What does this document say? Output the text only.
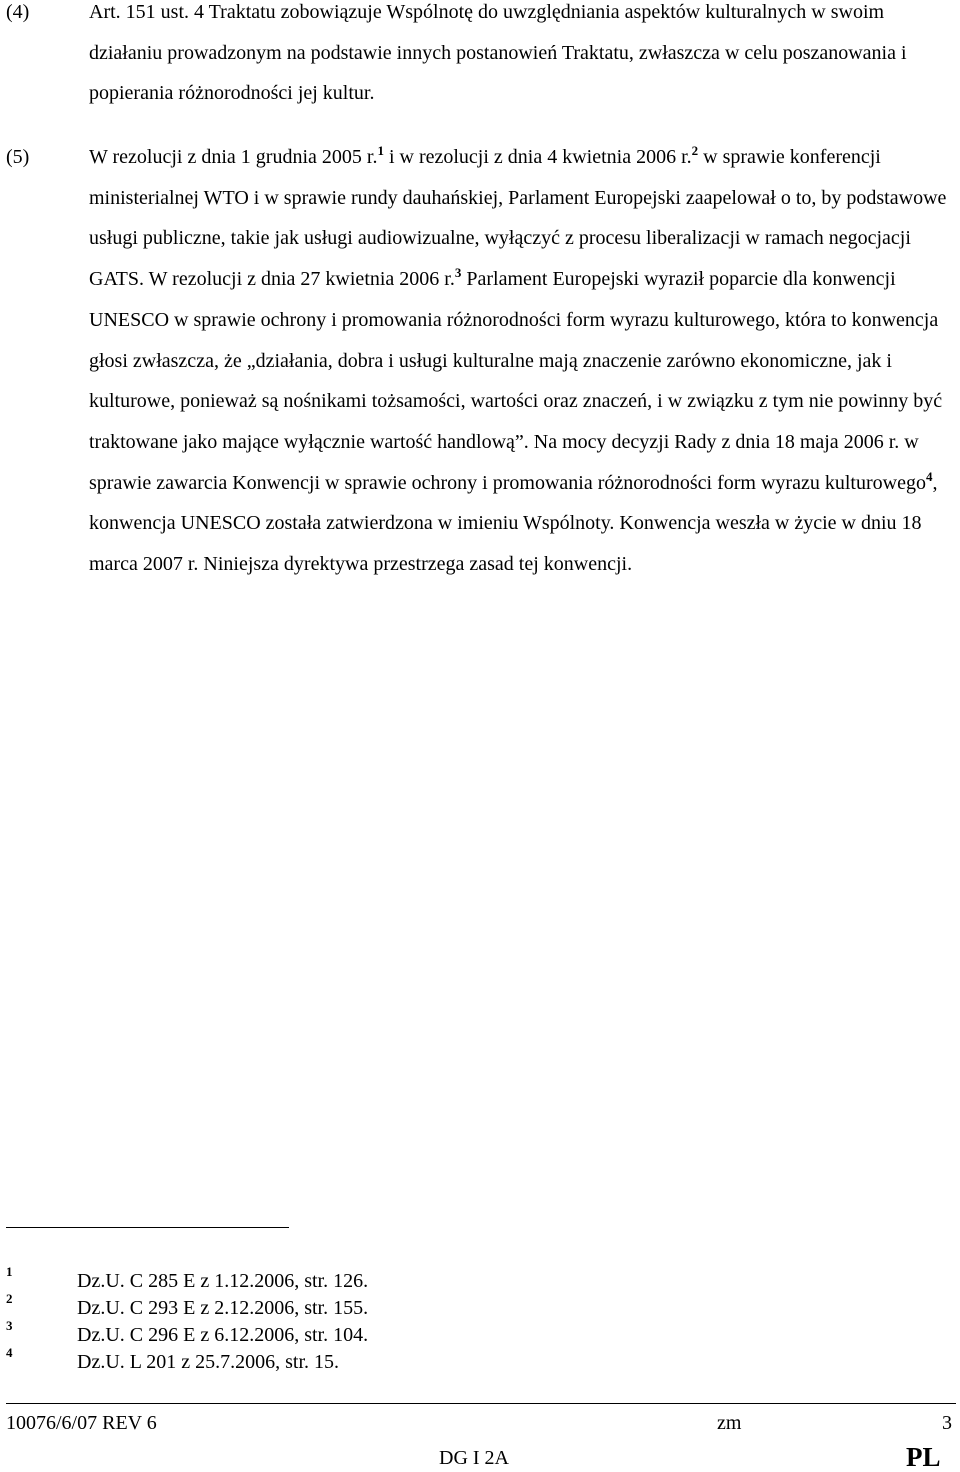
(4)	Art. 151 ust. 4 Traktatu zobowiązuje Wspólnotę do uwzględniania aspektów kulturalnych w swoim działaniu prowadzonym na podstawie innych postanowień Traktatu, zwłaszcza w celu poszanowania i popierania różnorodności jej kultur.
(5)	W rezolucji z dnia 1 grudnia 2005 r.$^1$ i w rezolucji z dnia 4 kwietnia 2006 r.$^2$ w sprawie konferencji ministerialnej WTO i w sprawie rundy dauhańskiej, Parlament Europejski zaapelował o to, by podstawowe usługi publiczne, takie jak usługi audiowizualne, wyłączyć z procesu liberalizacji w ramach negocjacji GATS. W rezolucji z dnia 27 kwietnia 2006 r.$^3$ Parlament Europejski wyraził poparcie dla konwencji UNESCO w sprawie ochrony i promowania różnorodności form wyrazu kulturowego, która to konwencja głosi zwłaszcza, że „działania, dobra i usługi kulturalne mają znaczenie zarówno ekonomiczne, jak i kulturowe, ponieważ są nośnikami tożsamości, wartości oraz znaczeń, i w związku z tym nie powinny być traktowane jako mające wyłącznie wartość handlową”. Na mocy decyzji Rady z dnia 18 maja 2006 r. w sprawie zawarcia Konwencji w sprawie ochrony i promowania różnorodności form wyrazu kulturowego$^4$, konwencja UNESCO została zatwierdzona w imieniu Wspólnoty. Konwencja weszła w życie w dniu 18 marca 2007 r. Niniejsza dyrektywa przestrzega zasad tej konwencji.
1	Dz.U. C 285 E z 1.12.2006, str. 126.
2	Dz.U. C 293 E z 2.12.2006, str. 155.
3	Dz.U. C 296 E z 6.12.2006, str. 104.
4	Dz.U. L 201 z 25.7.2006, str. 15.
10076/6/07 REV 6	zm	3
DG I 2A	PL
